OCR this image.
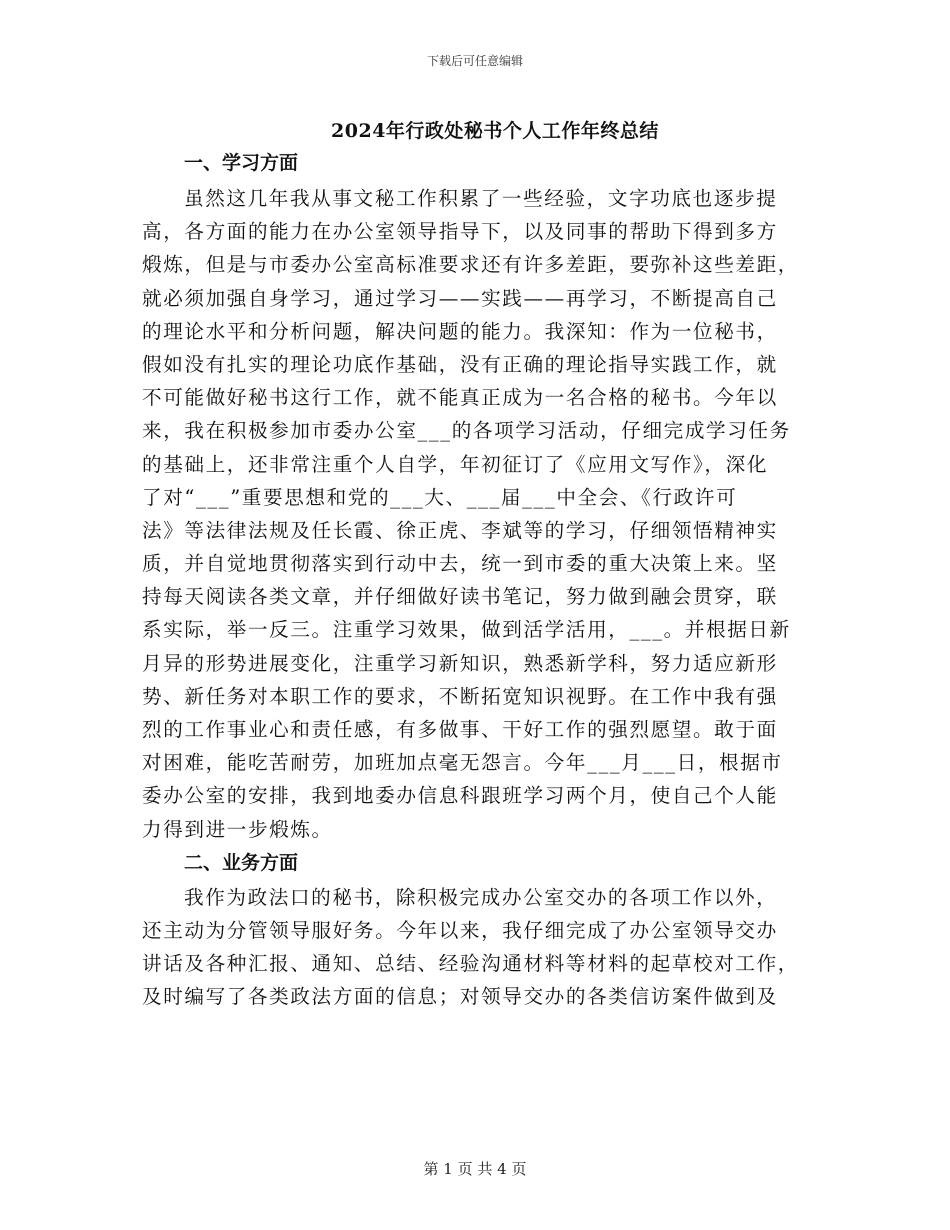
下载后可任意编辑
2024年行政处秘书个人工作年终总结
一、学习方面
虽然这几年我从事文秘工作积累了一些经验，文字功底也逐步提
高，各方面的能力在办公室领导指导下，以及同事的帮助下得到多方
煅炼，但是与市委办公室高标准要求还有许多差距，要弥补这些差距，
就必须加强自身学习，通过学习——实践——再学习，不断提高自己
的理论水平和分析问题，解决问题的能力。我深知：作为一位秘书，
假如没有扎实的理论功底作基础，没有正确的理论指导实践工作，就
不可能做好秘书这行工作，就不能真正成为一名合格的秘书。今年以
来，我在积极参加市委办公室___的各项学习活动，仔细完成学习任务
的基础上，还非常注重个人自学，年初征订了《应用文写作》，深化
了对“___”重要思想和党的___大、___届___中全会、《行政许可
法》等法律法规及任长霞、徐正虎、李斌等的学习，仔细领悟精神实
质，并自觉地贯彻落实到行动中去，统一到市委的重大决策上来。坚
持每天阅读各类文章，并仔细做好读书笔记，努力做到融会贯穿，联
系实际，举一反三。注重学习效果，做到活学活用，___。并根据日新
月异的形势进展变化，注重学习新知识，熟悉新学科，努力适应新形
势、新任务对本职工作的要求，不断拓宽知识视野。在工作中我有强
烈的工作事业心和责任感，有多做事、干好工作的强烈愿望。敢于面
对困难，能吃苦耐劳，加班加点毫无怨言。今年___月___日，根据市
委办公室的安排，我到地委办信息科跟班学习两个月，使自己个人能
力得到进一步煅炼。
二、业务方面
我作为政法口的秘书，除积极完成办公室交办的各项工作以外，
还主动为分管领导服好务。今年以来，我仔细完成了办公室领导交办
讲话及各种汇报、通知、总结、经验沟通材料等材料的起草校对工作，
及时编写了各类政法方面的信息；对领导交办的各类信访案件做到及
第 1 页 共 4 页
